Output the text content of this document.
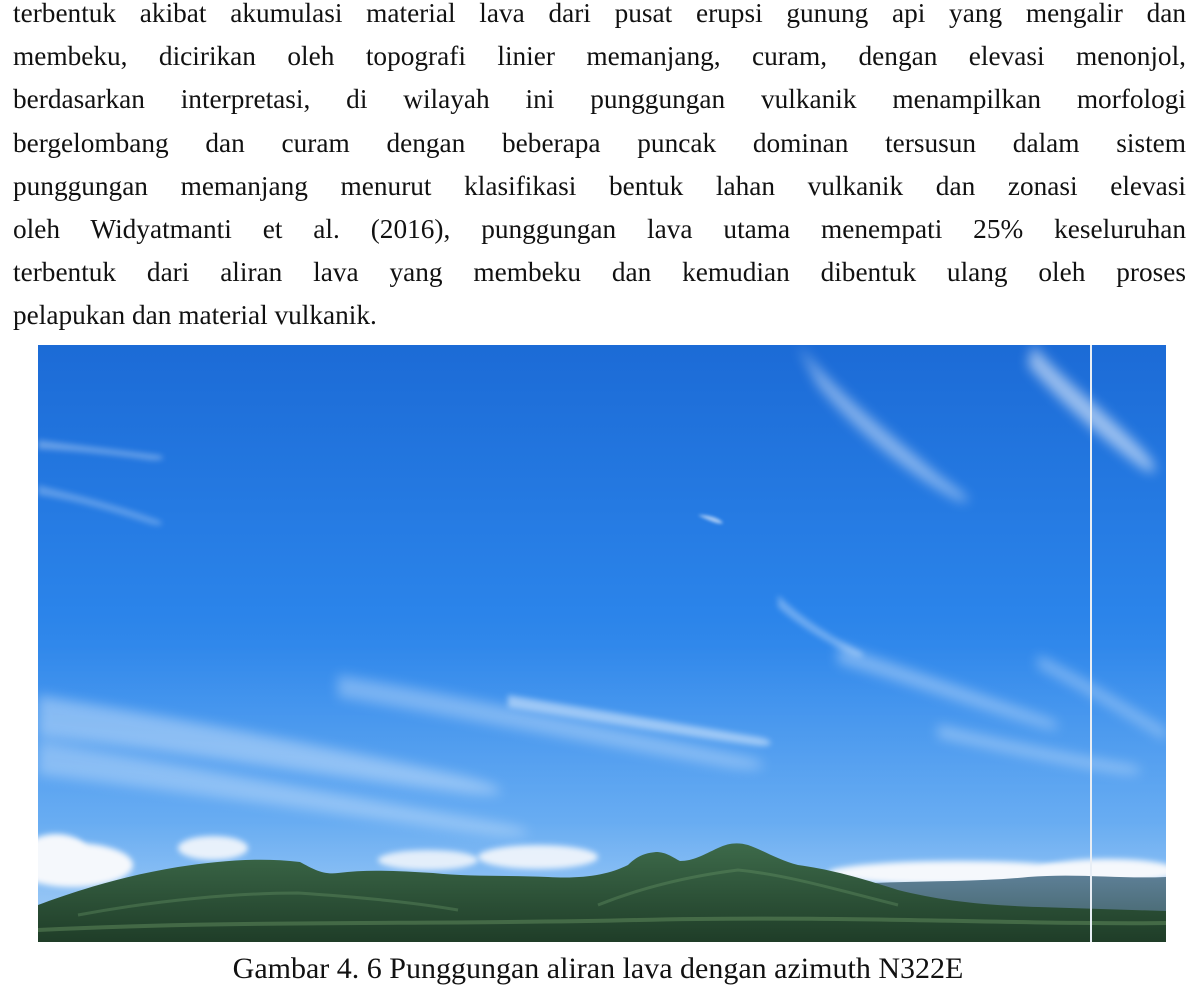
terbentuk akibat akumulasi material lava dari pusat erupsi gunung api yang mengalir dan
membeku, dicirikan oleh topografi linier memanjang, curam, dengan elevasi menonjol,
berdasarkan interpretasi, di wilayah ini punggungan vulkanik menampilkan morfologi
bergelombang dan curam dengan beberapa puncak dominan tersusun dalam sistem
punggungan memanjang menurut klasifikasi bentuk lahan vulkanik dan zonasi elevasi
oleh Widyatmanti et al. (2016), punggungan lava utama menempati 25% keseluruhan
terbentuk dari aliran lava yang membeku dan kemudian dibentuk ulang oleh proses
pelapukan dan material vulkanik.

Gambar 4. 6 Punggungan aliran lava dengan azimuth N322E
